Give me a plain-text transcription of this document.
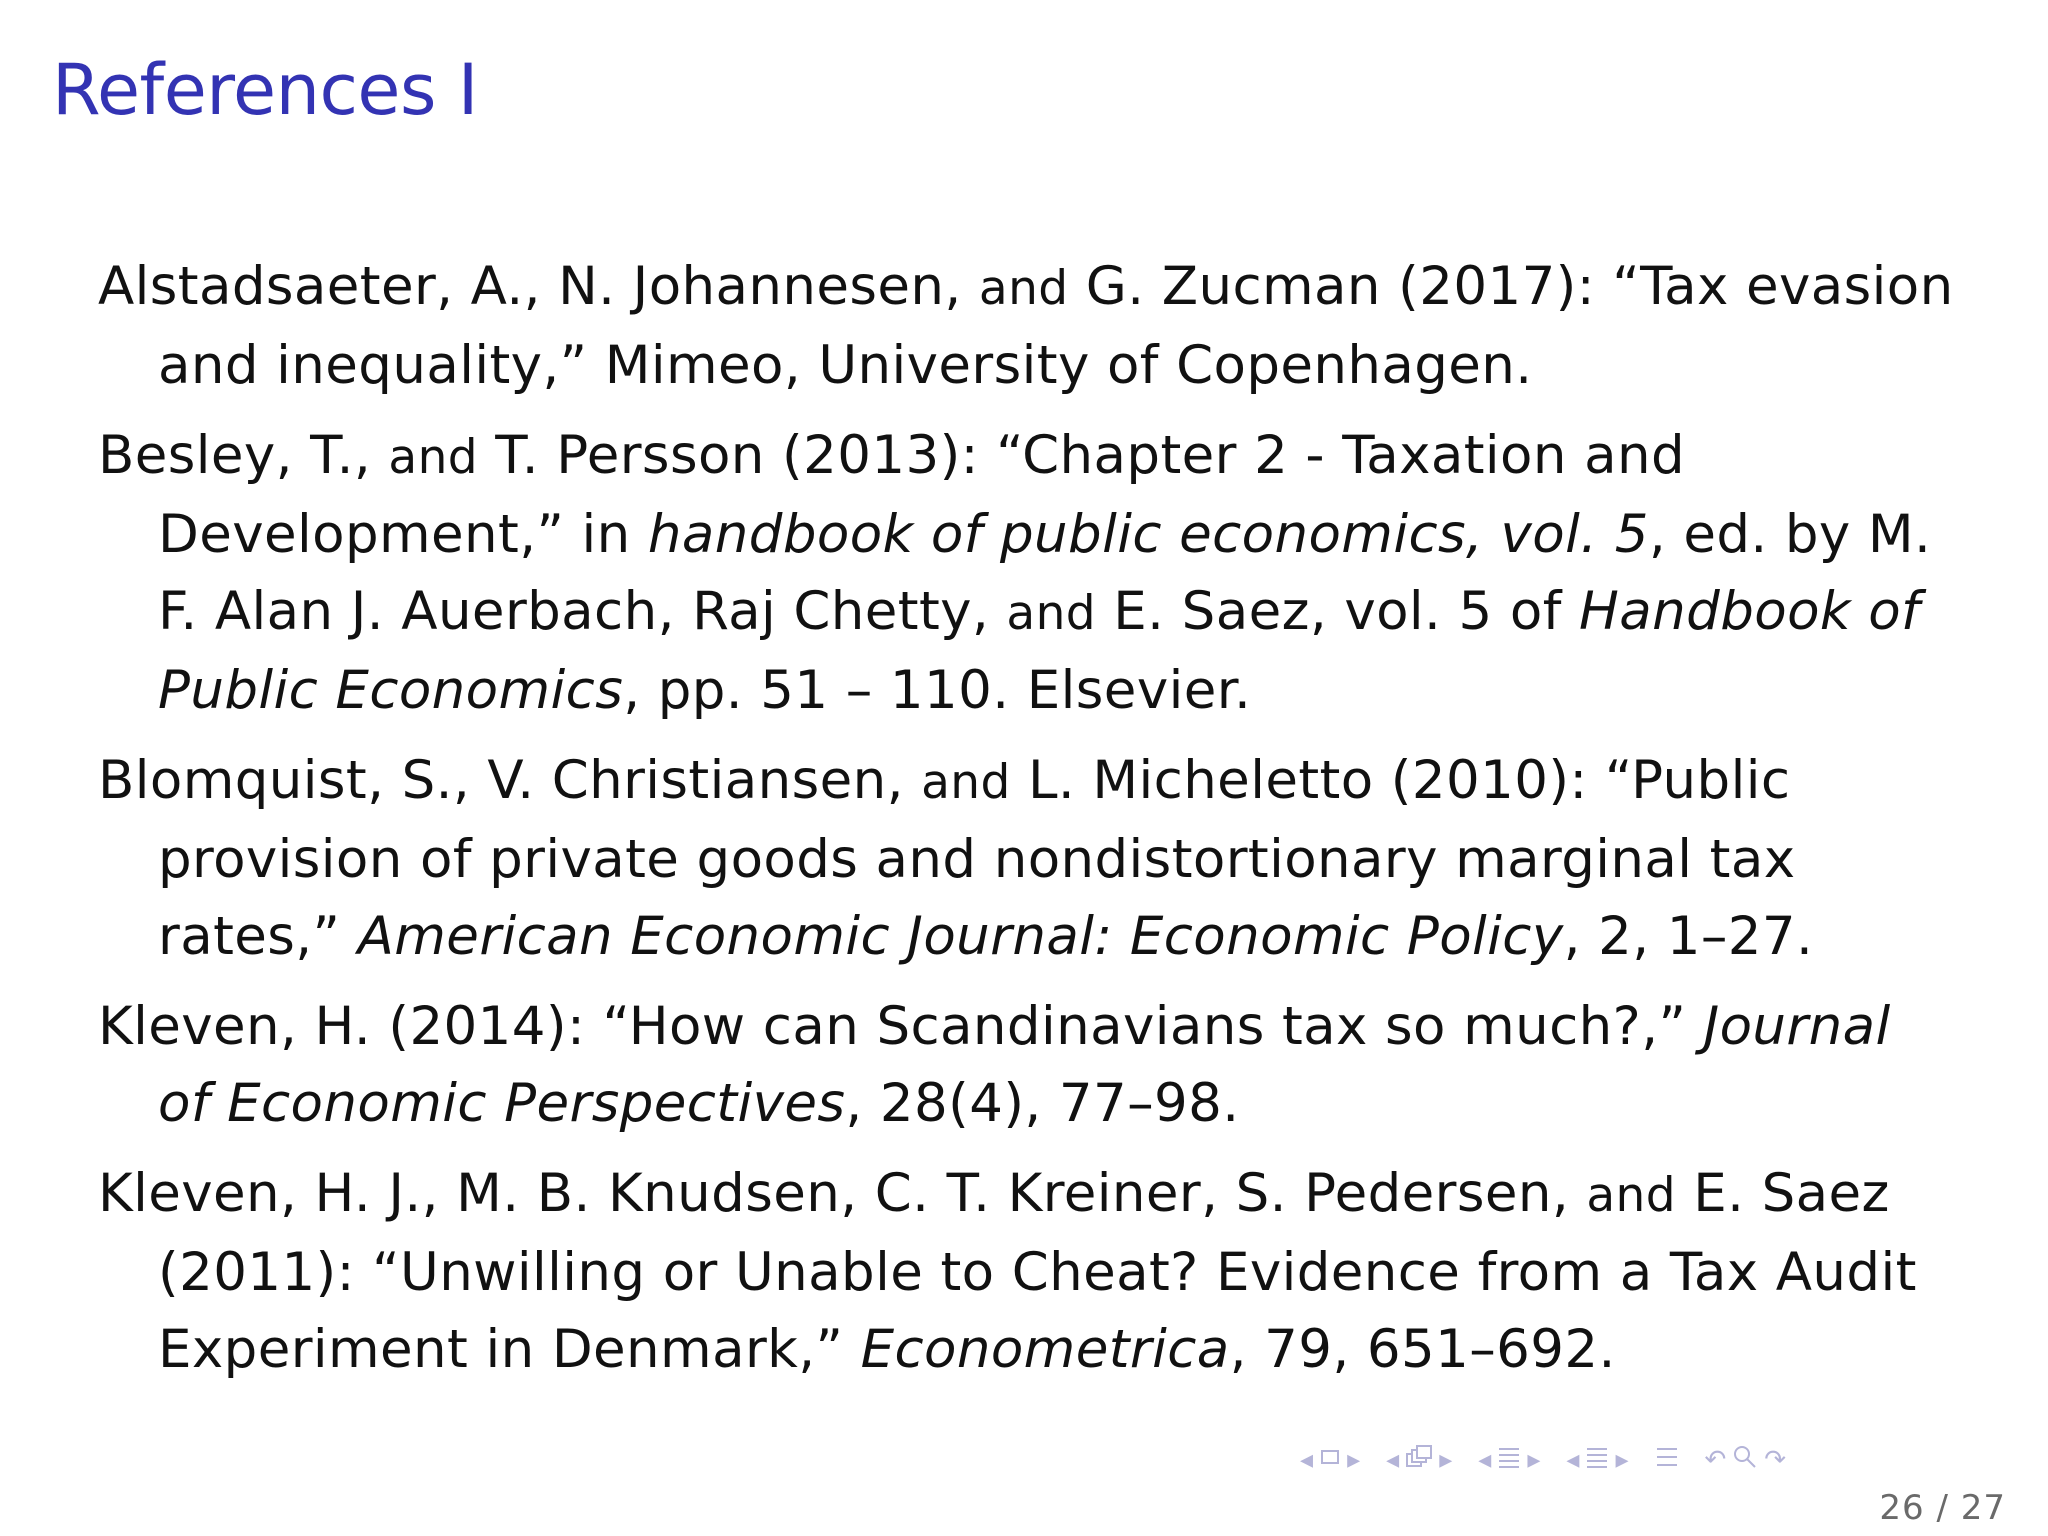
References I

Alstadsaeter, A., N. Johannesen, and G. Zucman (2017): “Tax evasion and inequality,” Mimeo, University of Copenhagen.

Besley, T., and T. Persson (2013): “Chapter 2 - Taxation and Development,” in handbook of public economics, vol. 5, ed. by M. F. Alan J. Auerbach, Raj Chetty, and E. Saez, vol. 5 of Handbook of Public Economics, pp. 51 – 110. Elsevier.

Blomquist, S., V. Christiansen, and L. Micheletto (2010): “Public provision of private goods and nondistortionary marginal tax rates,” American Economic Journal: Economic Policy, 2, 1–27.

Kleven, H. (2014): “How can Scandinavians tax so much?,” Journal of Economic Perspectives, 28(4), 77–98.

Kleven, H. J., M. B. Knudsen, C. T. Kreiner, S. Pedersen, and E. Saez (2011): “Unwilling or Unable to Cheat? Evidence from a Tax Audit Experiment in Denmark,” Econometrica, 79, 651–692.

◂ ▸ ◂ ▸ ◂ ▸ ◂ ▸	↶ ↷
26 / 27
